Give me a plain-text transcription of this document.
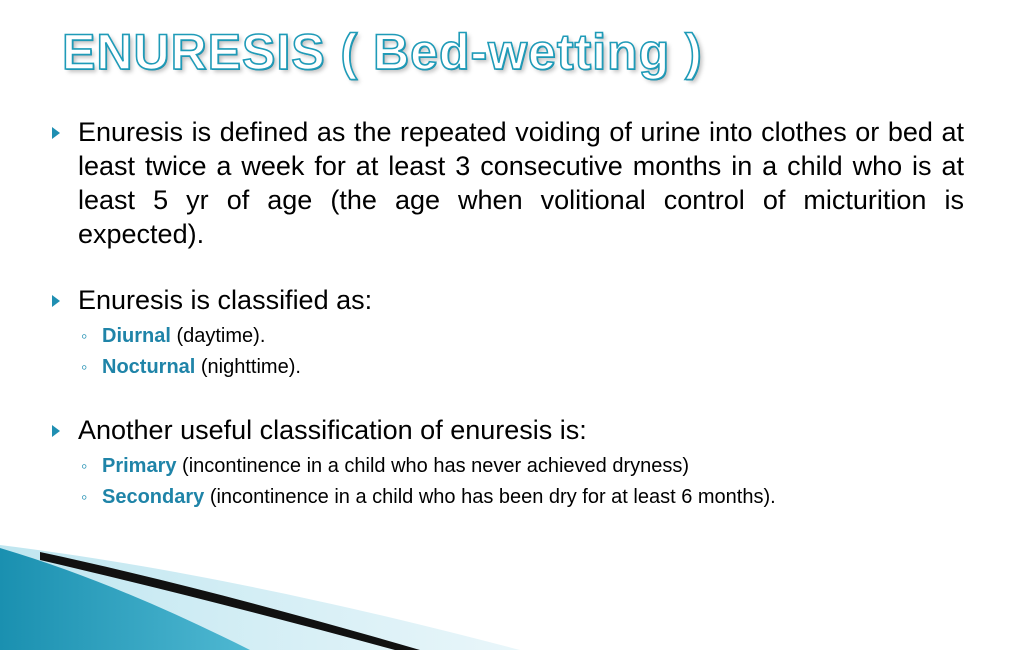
ENURESIS ( Bed-wetting )
Enuresis is defined as the repeated voiding of urine into clothes or bed at least twice a week for at least 3 consecutive months in a child who is at least 5 yr of age (the age when volitional control of micturition is expected).
Enuresis is classified as:
◦ Diurnal (daytime).
◦ Nocturnal (nighttime).
Another useful classification of enuresis is:
◦ Primary (incontinence in a child who has never achieved dryness)
◦ Secondary (incontinence in a child who has been dry for at least 6 months).
